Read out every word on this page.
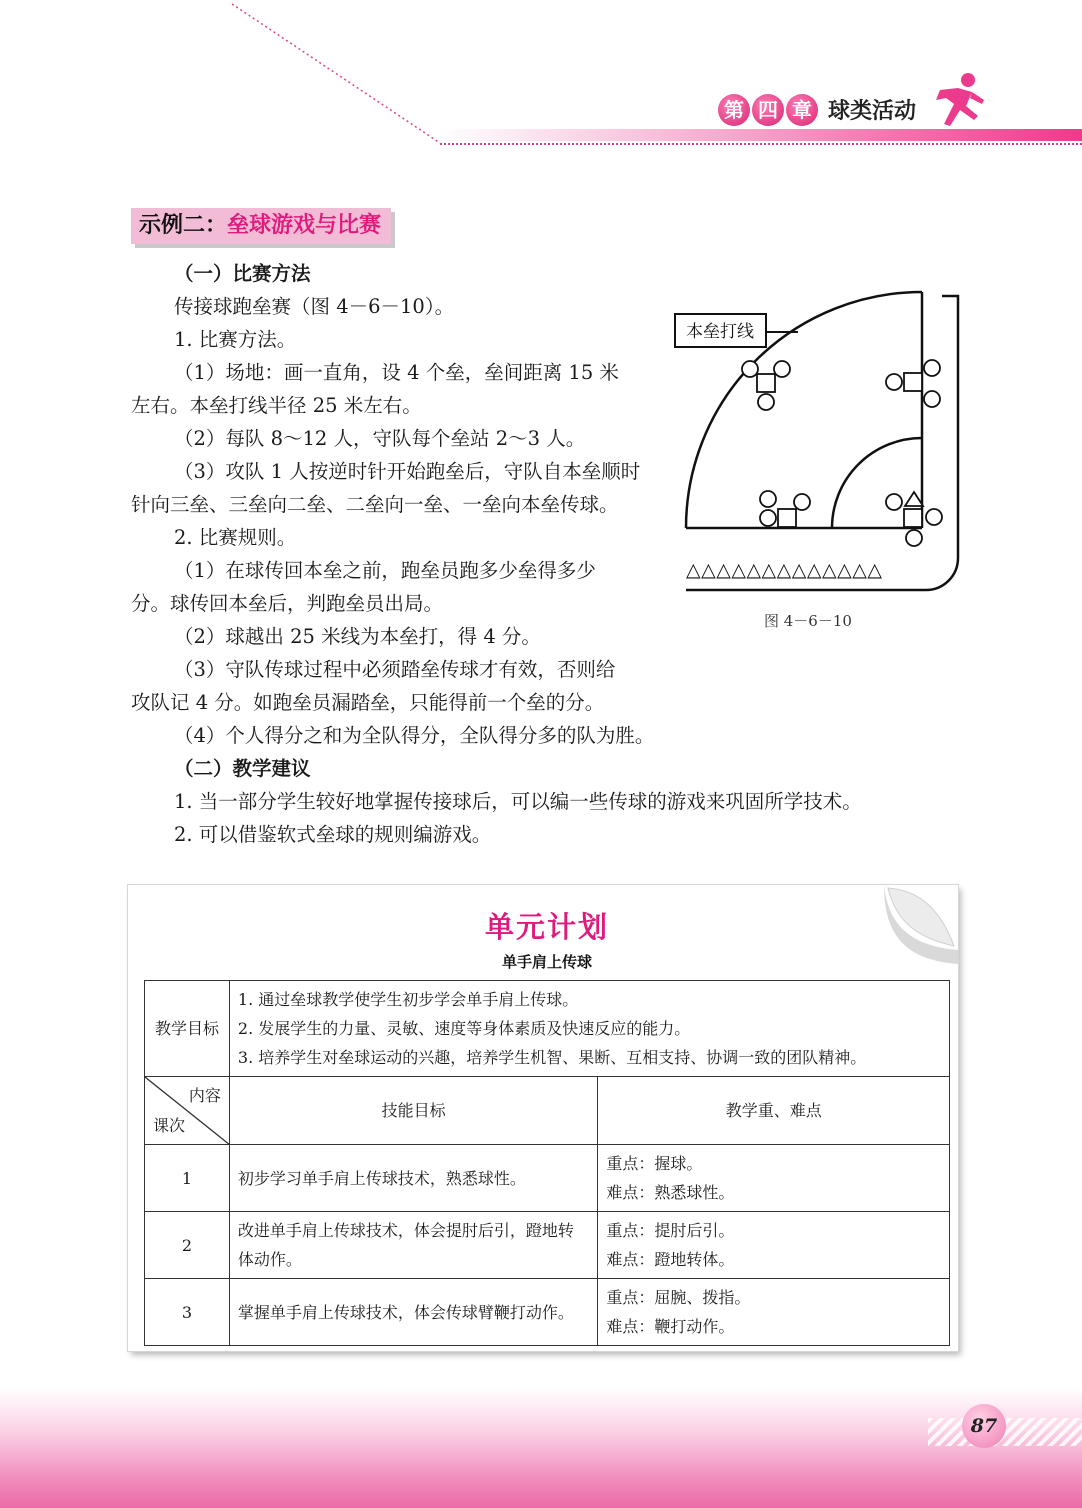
第 四 章 球类活动
示例二：垒球游戏与比赛
（一）比赛方法
传接球跑垒赛（图 4－6－10）。
1. 比赛方法。
（1）场地：画一直角，设 4 个垒，垒间距离 15 米
左右。本垒打线半径 25 米左右。
（2）每队 8～12 人，守队每个垒站 2～3 人。
（3）攻队 1 人按逆时针开始跑垒后，守队自本垒顺时
针向三垒、三垒向二垒、二垒向一垒、一垒向本垒传球。
2. 比赛规则。
（1）在球传回本垒之前，跑垒员跑多少垒得多少
分。球传回本垒后，判跑垒员出局。
（2）球越出 25 米线为本垒打，得 4 分。
（3）守队传球过程中必须踏垒传球才有效，否则给
攻队记 4 分。如跑垒员漏踏垒，只能得前一个垒的分。
（4）个人得分之和为全队得分，全队得分多的队为胜。
（二）教学建议
1. 当一部分学生较好地掌握传接球后，可以编一些传球的游戏来巩固所学技术。
2. 可以借鉴软式垒球的规则编游戏。
本垒打线
△△△△△△△△△△△△△
图 4－6－10
单元计划
单手肩上传球
教学目标	1. 通过垒球教学使学生初步学会单手肩上传球。
2. 发展学生的力量、灵敏、速度等身体素质及快速反应的能力。
3. 培养学生对垒球运动的兴趣，培养学生机智、果断、互相支持、协调一致的团队精神。	

内容
课次	技能目标	教学重、难点
1	初步学习单手肩上传球技术，熟悉球性。	重点：握球。
难点：熟悉球性。

2	改进单手肩上传球技术，体会提肘后引，蹬地转体动作。	重点：提肘后引。
难点：蹬地转体。

3	掌握单手肩上传球技术，体会传球臂鞭打动作。	重点：屈腕、拨指。
难点：鞭打动作。
87
